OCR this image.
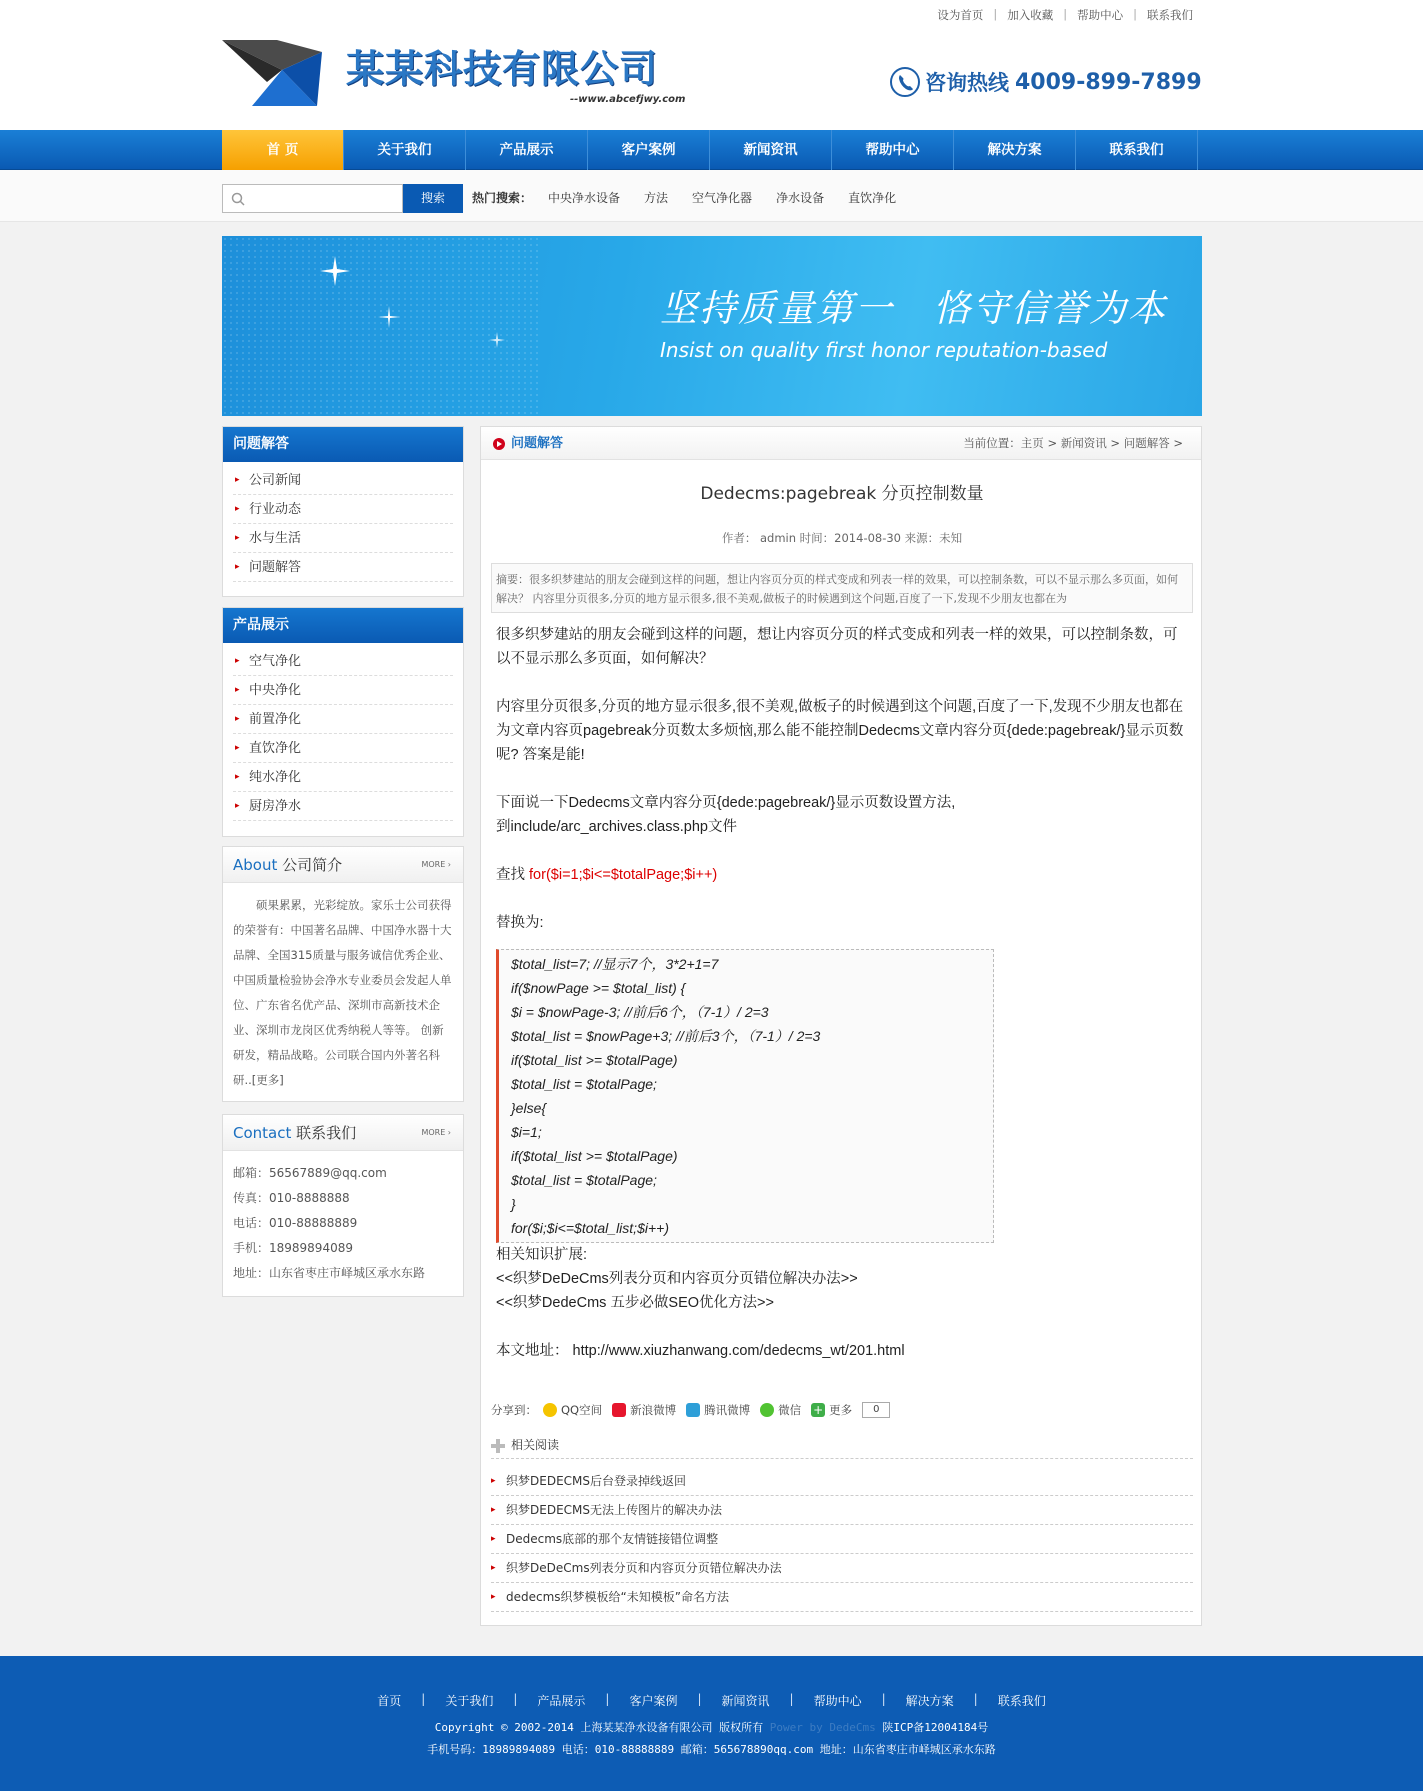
设为首页 | 加入收藏 | 帮助中心 | 联系我们
某某科技有限公司
--www.abcefjwy.com
咨询热线 4009-899-7899
首 页	关于我们	产品展示	客户案例	新闻资讯	帮助中心	解决方案	联系我们
搜索	热门搜索： 中央净水设备 方法 空气净化器 净水设备 直饮净化
坚持质量第一　恪守信誉为本
Insist on quality first honor reputation-based
问题解答
▸ 公司新闻
▸ 行业动态
▸ 水与生活
▸ 问题解答
产品展示
▸ 空气净化
▸ 中央净化
▸ 前置净化
▸ 直饮净化
▸ 纯水净化
▸ 厨房净水
About 公司简介	MORE ›
硕果累累，光彩绽放。家乐士公司获得的荣誉有：中国著名品牌、中国净水器十大品牌、全国315质量与服务诚信优秀企业、中国质量检验协会净水专业委员会发起人单位、广东省名优产品、深圳市高新技术企业、深圳市龙岗区优秀纳税人等等。 创新研发，精品战略。公司联合国内外著名科研..[更多]
Contact 联系我们	MORE ›
邮箱：56567889@qq.com
传真：010-8888888
电话：010-88888889
手机：18989894089
地址：山东省枣庄市峄城区承水东路
问题解答	当前位置：主页 > 新闻资讯 > 问题解答 >
Dedecms:pagebreak 分页控制数量
作者： admin 时间：2014-08-30 来源：未知
摘要：很多织梦建站的朋友会碰到这样的问题，想让内容页分页的样式变成和列表一样的效果，可以控制条数，可以不显示那么多页面，如何解决？ 内容里分页很多,分页的地方显示很多,很不美观,做板子的时候遇到这个问题,百度了一下,发现不少朋友也都在为

很多织梦建站的朋友会碰到这样的问题，想让内容页分页的样式变成和列表一样的效果，可以控制条数，可以不显示那么多页面，如何解决？

内容里分页很多,分页的地方显示很多,很不美观,做板子的时候遇到这个问题,百度了一下,发现不少朋友也都在为文章内容页pagebreak分页数太多烦恼,那么能不能控制Dedecms文章内容分页{dede:pagebreak/}显示页数呢? 答案是能!

下面说一下Dedecms文章内容分页{dede:pagebreak/}显示页数设置方法,

到include/arc_archives.class.php文件

查找 for($i=1;$i<=$totalPage;$i++)

替换为:

$total_list=7; //显示7个，3*2+1=7
if($nowPage >= $total_list) {
$i = $nowPage-3; //前后6个，（7-1）/ 2=3
$total_list = $nowPage+3; //前后3个，（7-1）/ 2=3
if($total_list >= $totalPage)
$total_list = $totalPage;
}else{
$i=1;
if($total_list >= $totalPage)
$total_list = $totalPage;
}
for($i;$i<=$total_list;$i++)

相关知识扩展:

<<织梦DeDeCms列表分页和内容页分页错位解决办法>>

<<织梦DedeCms 五步必做SEO优化方法>>

本文地址： http://www.xiuzhanwang.com/dedecms_wt/201.html

分享到： QQ空间 新浪微博 腾讯微博 微信 + 更多	0
相关阅读
▸ 织梦DEDECMS后台登录掉线返回
▸ 织梦DEDECMS无法上传图片的解决办法
▸ Dedecms底部的那个友情链接错位调整
▸ 织梦DeDeCms列表分页和内容页分页错位解决办法
▸ dedecms织梦模板给“未知模板”命名方法
首页	|	关于我们	|	产品展示	|	客户案例	|	新闻资讯	|	帮助中心	|	解决方案	|	联系我们
Copyright © 2002-2014 上海某某净水设备有限公司 版权所有 Power by DedeCms 陕ICP备12004184号
手机号码：18989894089 电话：010-88888889 邮箱：565678890qq.com 地址：山东省枣庄市峄城区承水东路
